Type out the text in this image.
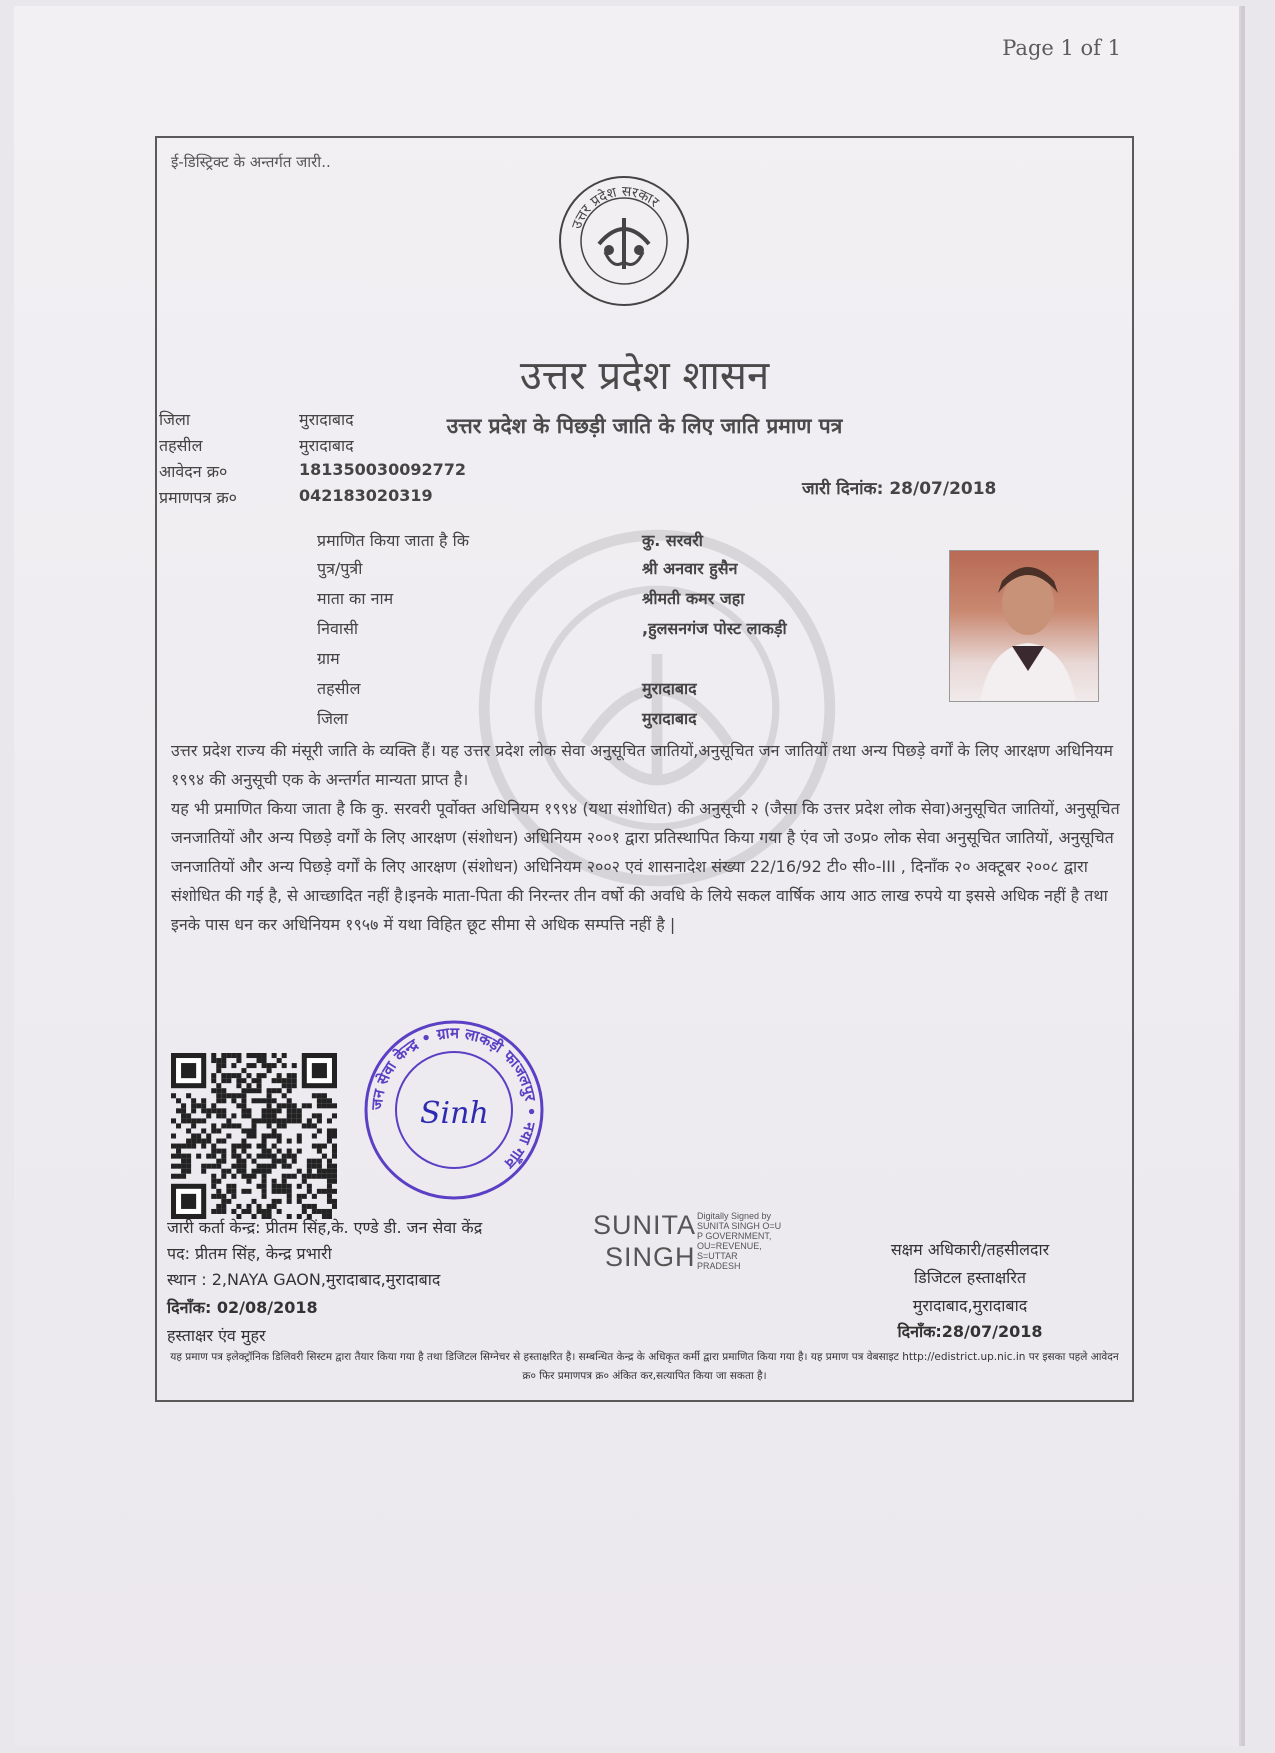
Page 1 of 1
ई-डिस्ट्रिक्ट के अन्तर्गत जारी..
उत्तर प्रदेश सरकार
उत्तर प्रदेश शासन
उत्तर प्रदेश के पिछड़ी जाति के लिए जाति प्रमाण पत्र
जिला	मुरादाबाद
तहसील	मुरादाबाद
आवेदन क्र०	181350030092772
प्रमाणपत्र क्र०	042183020319	जारी दिनांक: 28/07/2018
प्रमाणित किया जाता है कि	कु. सरवरी
पुत्र/पुत्री	श्री अनवार हुसैन
माता का नाम	श्रीमती कमर जहा
निवासी	,हुलसनगंज पोस्ट लाकड़ी
ग्राम
तहसील	मुरादाबाद
जिला	मुरादाबाद
उत्तर प्रदेश राज्य की मंसूरी जाति के व्यक्ति हैं। यह उत्तर प्रदेश लोक सेवा अनुसूचित जातियों,अनुसूचित जन जातियों तथा अन्य पिछड़े वर्गों के लिए आरक्षण अधिनियम १९९४ की अनुसूची एक के अन्तर्गत मान्यता प्राप्त है।
यह भी प्रमाणित किया जाता है कि कु. सरवरी पूर्वोक्त अधिनियम १९९४ (यथा संशोधित) की अनुसूची २ (जैसा कि उत्तर प्रदेश लोक सेवा)अनुसूचित जातियों, अनुसूचित जनजातियों और अन्य पिछड़े वर्गों के लिए आरक्षण (संशोधन) अधिनियम २००१ द्वारा प्रतिस्थापित किया गया है एंव जो उ०प्र० लोक सेवा अनुसूचित जातियों, अनुसूचित जनजातियों और अन्य पिछड़े वर्गों के लिए आरक्षण (संशोधन) अधिनियम २००२ एवं शासनादेश संख्या 22/16/92 टी० सी०-III , दिनाँक २० अक्टूबर २००८ द्वारा संशोधित की गई है, से आच्छादित नहीं है।इनके माता-पिता की निरन्तर तीन वर्षो की अवधि के लिये सकल वार्षिक आय आठ लाख रुपये या इससे अधिक नहीं है तथा इनके पास धन कर अधिनियम १९५७ में यथा विहित छूट सीमा से अधिक सम्पत्ति नहीं है |
जन सेवा केन्द्र • ग्राम लाकड़ी फाजलपुर • नया गाँव
Sinh
जारी कर्ता केन्द्र: प्रीतम सिंह,के. एण्डे डी. जन सेवा केंद्र
पद: प्रीतम सिंह, केन्द्र प्रभारी
स्थान : 2,NAYA GAON,मुरादाबाद,मुरादाबाद
दिनाँक: 02/08/2018
हस्ताक्षर एंव मुहर
SUNITA
SINGH
Digitally Signed by
SUNITA SINGH O=U
P GOVERNMENT,
OU=REVENUE,
S=UTTAR
PRADESH
सक्षम अधिकारी/तहसीलदार
डिजिटल हस्ताक्षरित
मुरादाबाद,मुरादाबाद
दिनाँक:28/07/2018
यह प्रमाण पत्र इलेक्ट्रॉनिक डिलिवरी सिस्टम द्वारा तैयार किया गया है तथा डिजिटल सिग्नेचर से हस्ताक्षरित है। सम्बन्धित केन्द्र के अधिकृत कर्मी द्वारा प्रमाणित किया गया है। यह प्रमाण पत्र वेबसाइट http://edistrict.up.nic.in पर इसका पहले आवेदन क्र० फिर प्रमाणपत्र क्र० अंकित कर,सत्यापित किया जा सकता है।
